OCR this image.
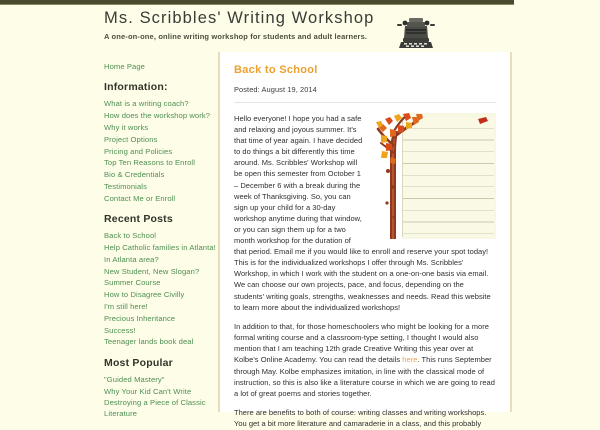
Ms. Scribbles' Writing Workshop
A one-on-one, online writing workshop for students and adult learners.
Home Page
Information:
What is a writing coach?
How does the workshop work?
Why it works
Project Options
Pricing and Policies
Top Ten Reasons to Enroll
Bio & Credentials
Testimonials
Contact Me or Enroll
Recent Posts
Back to School
Help Catholic families in Atlanta!
In Atlanta area?
New Student, New Slogan?
Summer Course
How to Disagree Civilly
I'm still here!
Precious Inheritance
Success!
Teenager lands book deal
Most Popular
"Guided Mastery"
Why Your Kid Can't Write
Destroying a Piece of Classic Literature
Back to School
Posted: August 19, 2014

Hello everyone! I hope you had a safe and relaxing and joyous summer. It's that time of year again. I have decided to do things a bit differently this time around. Ms. Scribbles' Workshop will be open this semester from October 1 – December 6 with a break during the week of Thanksgiving. So, you can sign up your child for a 30-day workshop anytime during that window, or you can sign them up for a two month workshop for the duration of that period. Email me if you would like to enroll and reserve your spot today! This is for the individualized workshops I offer through Ms. Scribbles' Workshop, in which I work with the student on a one-on-one basis via email. We can choose our own projects, pace, and focus, depending on the students' writing goals, strengths, weaknesses and needs. Read this website to learn more about the individualized workshops!

In addition to that, for those homeschoolers who might be looking for a more formal writing course and a classroom-type setting, I thought I would also mention that I am teaching 12th grade Creative Writing this year over at Kolbe's Online Academy. You can read the details here. This runs September through May. Kolbe emphasizes imitation, in line with the classical mode of instruction, so this is also like a literature course in which we are going to read a lot of great poems and stories together.

There are benefits to both of course: writing classes and writing workshops. You get a bit more literature and camaraderie in a class, and this probably
